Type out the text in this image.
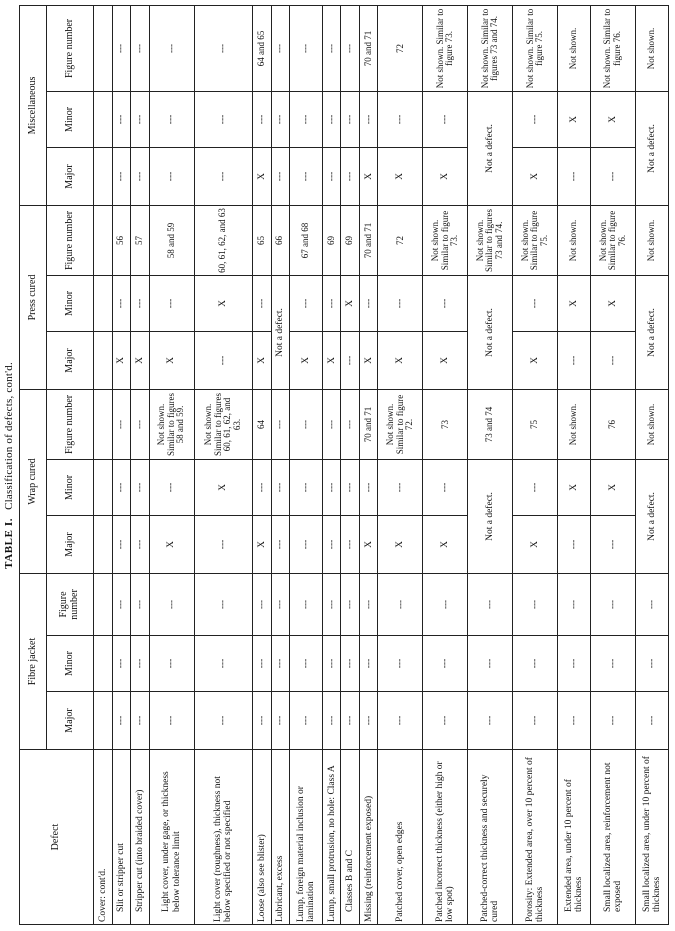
TABLE I.Classification of defects, cont'd.
Defect	Fibre jacket			Wrap cured			Press cured			Miscellaneous		
	Major	Minor	Figure number	Major	Minor	Figure number	Major	Minor	Figure number	Major	Minor	Figure number
Cover: cont'd.												

Slit or stripper cut	---	---	---	---	---	---	X	---	56	---	---	---

Stripper cut (into braided cover)	---	---	---	---	---	---	X	---	57	---	---	---

Light cover, under gage, or thickness below tolerance limit	---	---	---	X	---	Not shown. Similar to figures 58 and 59.	X	---	58 and 59	---	---	---
Light cover (roughness), thickness not below specified or not specified	---	---	---	---	X	Not shown. Similar to figures 60, 61, 62, and 63.	---	X	60, 61, 62, and 63	---	---	---
Loose (also see blister)	---	---	---	X	---	64	X	---	65	X	---	64 and 65
Lubricant, excess	---	---	---	---	---	---	Not a defect.		66	---	---	---
Lump, foreign material inclusion or lamination	---	---	---	---	---	---	X	---	67 and 68	---	---	---
Lump, small protrusion, no hole: Class A	---	---	---	---	---	---	X	---	69	---	---	---

Classes B and C	---	---	---	---	---	---	---	X	69	---	---	---
Missing (reinforcement exposed)	---	---	---	X	---	70 and 71	X	---	70 and 71	X	---	70 and 71
Patched cover, open edges	---	---	---	X	---	Not shown. Similar to figure 72.	X	---	72	X	---	72
Patched incorrect thickness (either high or low spot)	---	---	---	X	---	73	X	---	Not shown. Similar to figure 73.	X	---	Not shown. Similar to figure 73.
Patched-correct thickness and securely cured	---	---	---	Not a defect.		73 and 74	Not a defect.		Not shown. Similar to figures 73 and 74.	Not a defect.		Not shown. Similar to figures 73 and 74.
Porosity: Extended area, over 10 percent of thickness	---	---	---	X	---	75	X	---	Not shown. Similar to figure 75.	X	---	Not shown. Similar to figure 75.

Extended area, under 10 percent of thickness	---	---	---	---	X	Not shown.	---	X	Not shown.	---	X	Not shown.

Small localized area, reinforcement not exposed	---	---	---	---	X	76	---	X	Not shown. Similar to figure 76.	---	X	Not shown. Similar to figure 76.

Small localized area, under 10 percent of thickness	---	---	---	Not a defect.		Not shown.	Not a defect.		Not shown.	Not a defect.		Not shown.
